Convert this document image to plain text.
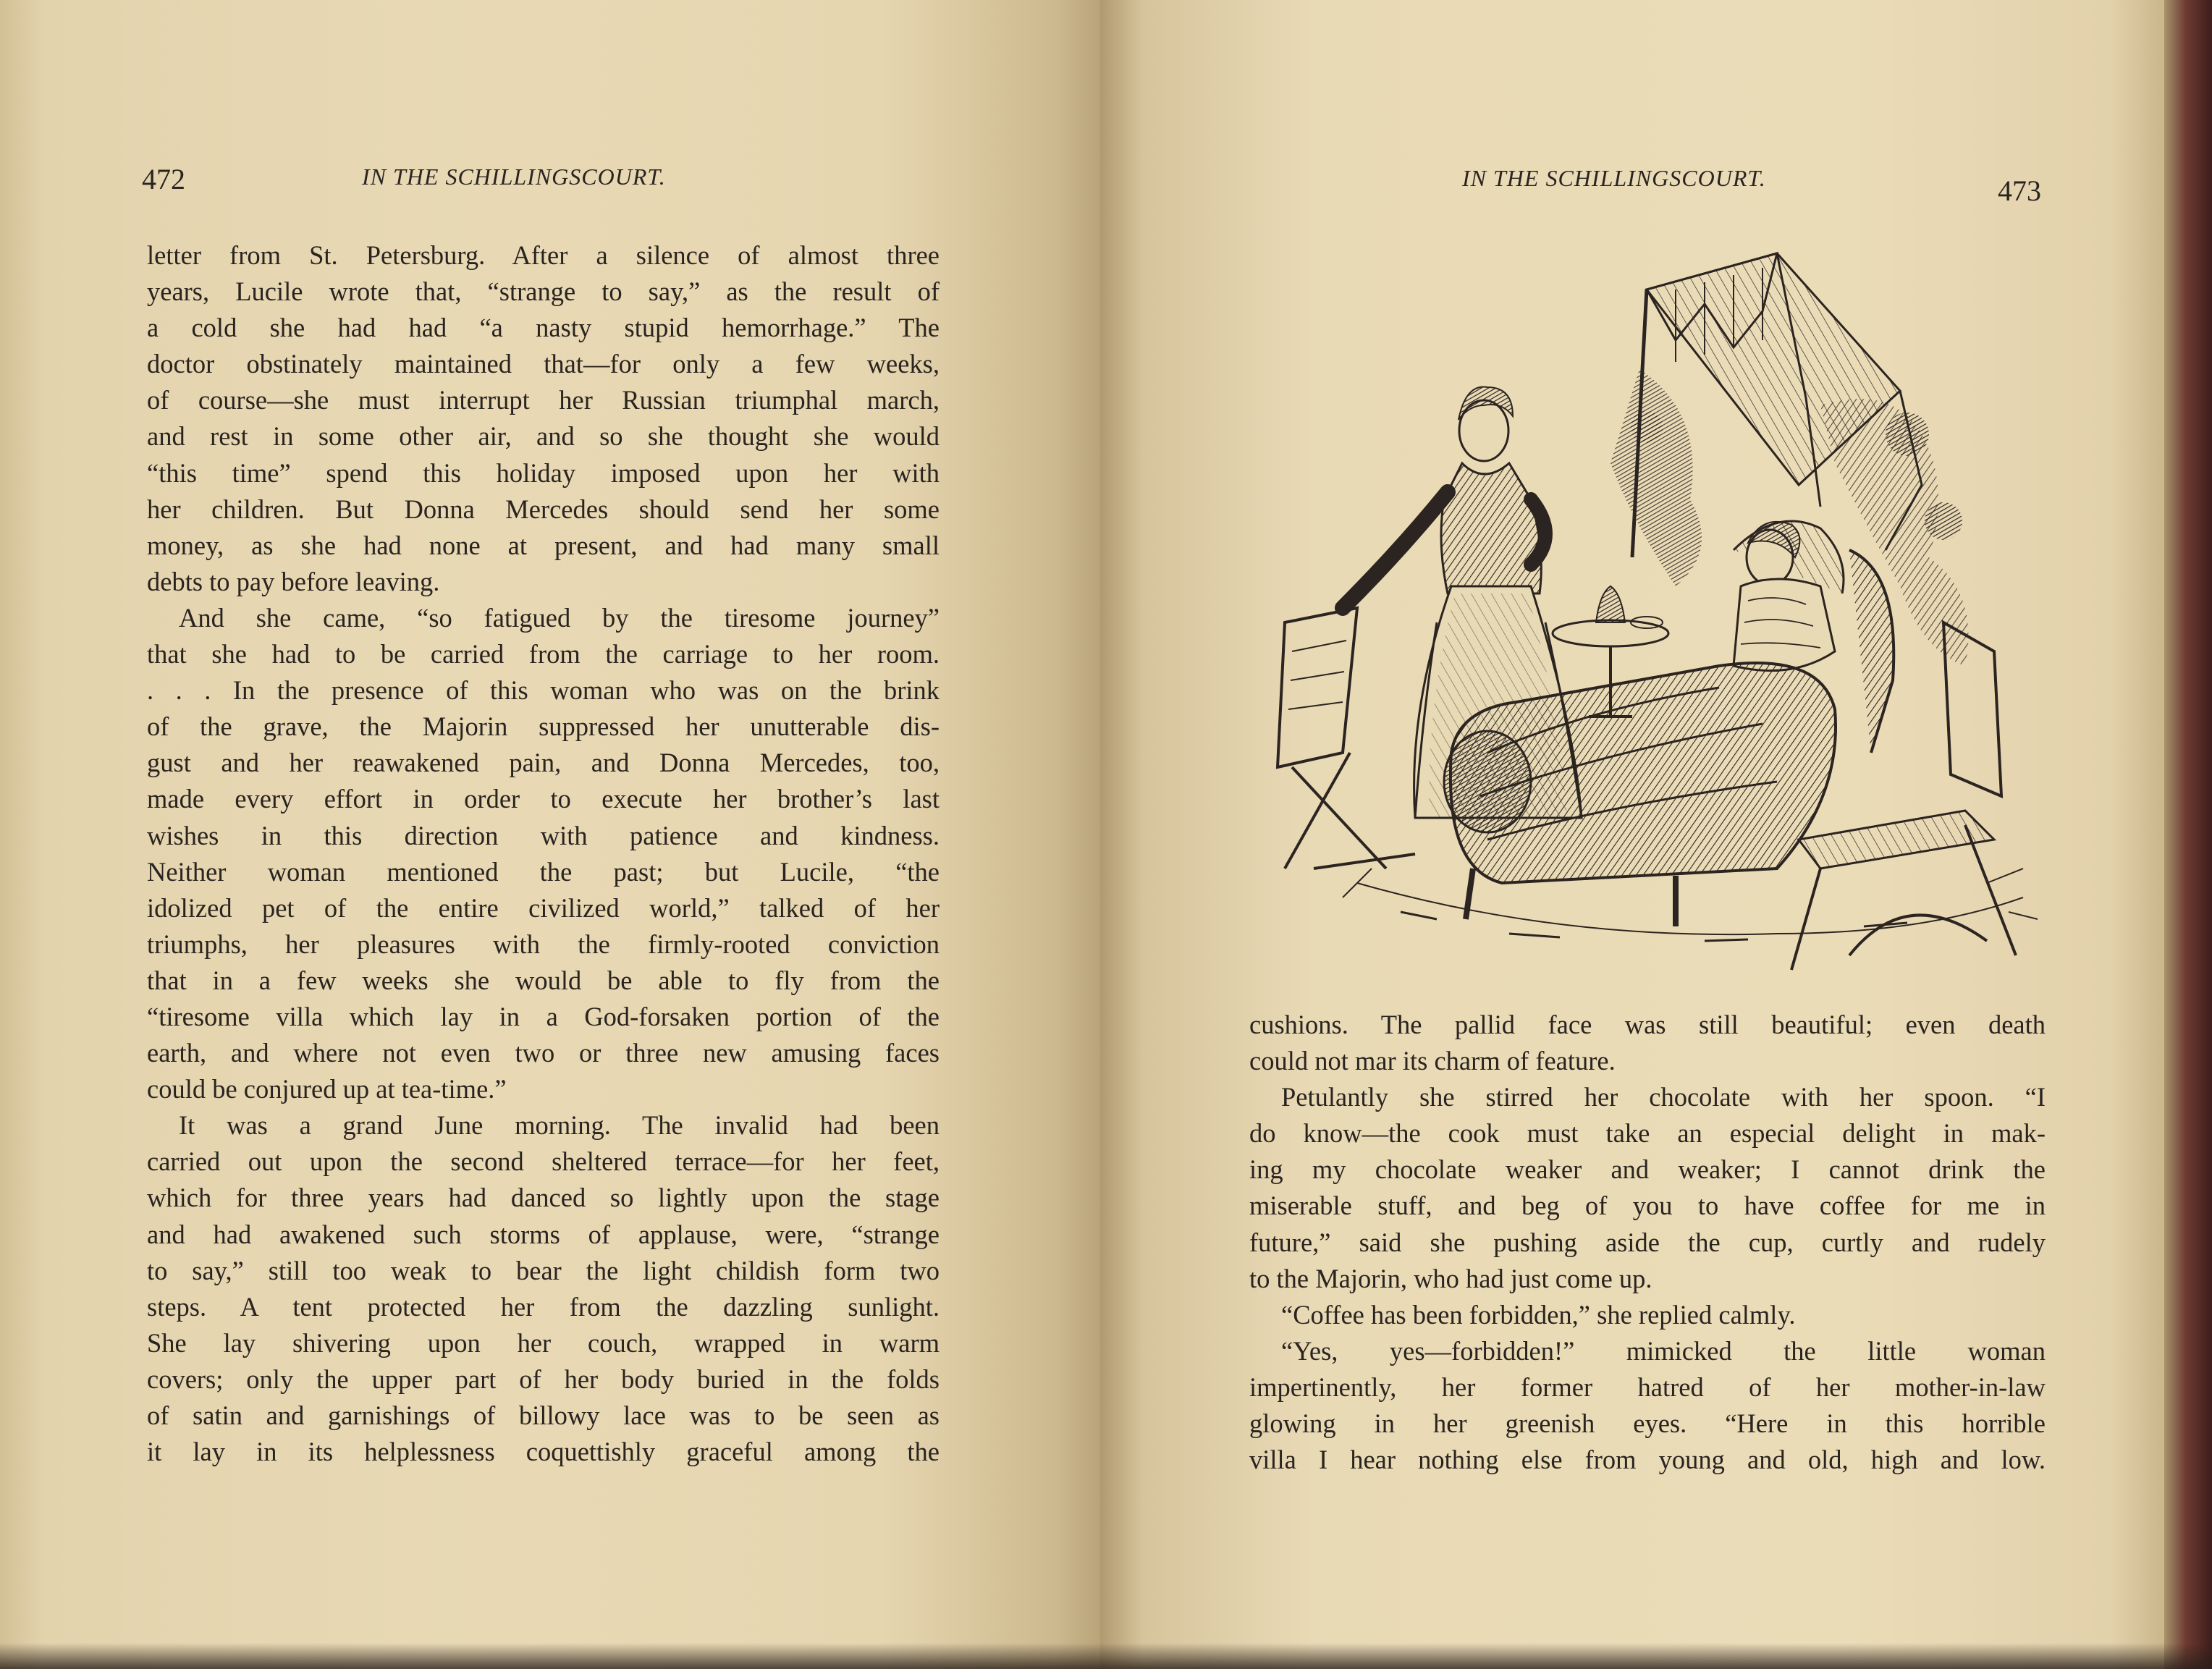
472	IN THE SCHILLINGSCOURT.
letter from St. Petersburg. After a silence of almost three
years, Lucile wrote that, “strange to say,” as the result of
a cold she had had “a nasty stupid hemorrhage.” The
doctor obstinately maintained that—for only a few weeks,
of course—she must interrupt her Russian triumphal march,
and rest in some other air, and so she thought she would
“this time” spend this holiday imposed upon her with
her children. But Donna Mercedes should send her some
money, as she had none at present, and had many small
debts to pay before leaving.
And she came, “so fatigued by the tiresome journey”
that she had to be carried from the carriage to her room.
. . . In the presence of this woman who was on the brink
of the grave, the Majorin suppressed her unutterable dis-
gust and her reawakened pain, and Donna Mercedes, too,
made every effort in order to execute her brother’s last
wishes in this direction with patience and kindness.
Neither woman mentioned the past; but Lucile, “the
idolized pet of the entire civilized world,” talked of her
triumphs, her pleasures with the firmly-rooted conviction
that in a few weeks she would be able to fly from the
“tiresome villa which lay in a God-forsaken portion of the
earth, and where not even two or three new amusing faces
could be conjured up at tea-time.”
It was a grand June morning. The invalid had been
carried out upon the second sheltered terrace—for her feet,
which for three years had danced so lightly upon the stage
and had awakened such storms of applause, were, “strange
to say,” still too weak to bear the light childish form two
steps. A tent protected her from the dazzling sunlight.
She lay shivering upon her couch, wrapped in warm
covers; only the upper part of her body buried in the folds
of satin and garnishings of billowy lace was to be seen as
it lay in its helplessness coquettishly graceful among the
IN THE SCHILLINGSCOURT.	473
cushions. The pallid face was still beautiful; even death
could not mar its charm of feature.
Petulantly she stirred her chocolate with her spoon. “I
do know—the cook must take an especial delight in mak-
ing my chocolate weaker and weaker; I cannot drink the
miserable stuff, and beg of you to have coffee for me in
future,” said she pushing aside the cup, curtly and rudely
to the Majorin, who had just come up.
“Coffee has been forbidden,” she replied calmly.
“Yes, yes—forbidden!” mimicked the little woman
impertinently, her former hatred of her mother-in-law
glowing in her greenish eyes. “Here in this horrible
villa I hear nothing else from young and old, high and low.
